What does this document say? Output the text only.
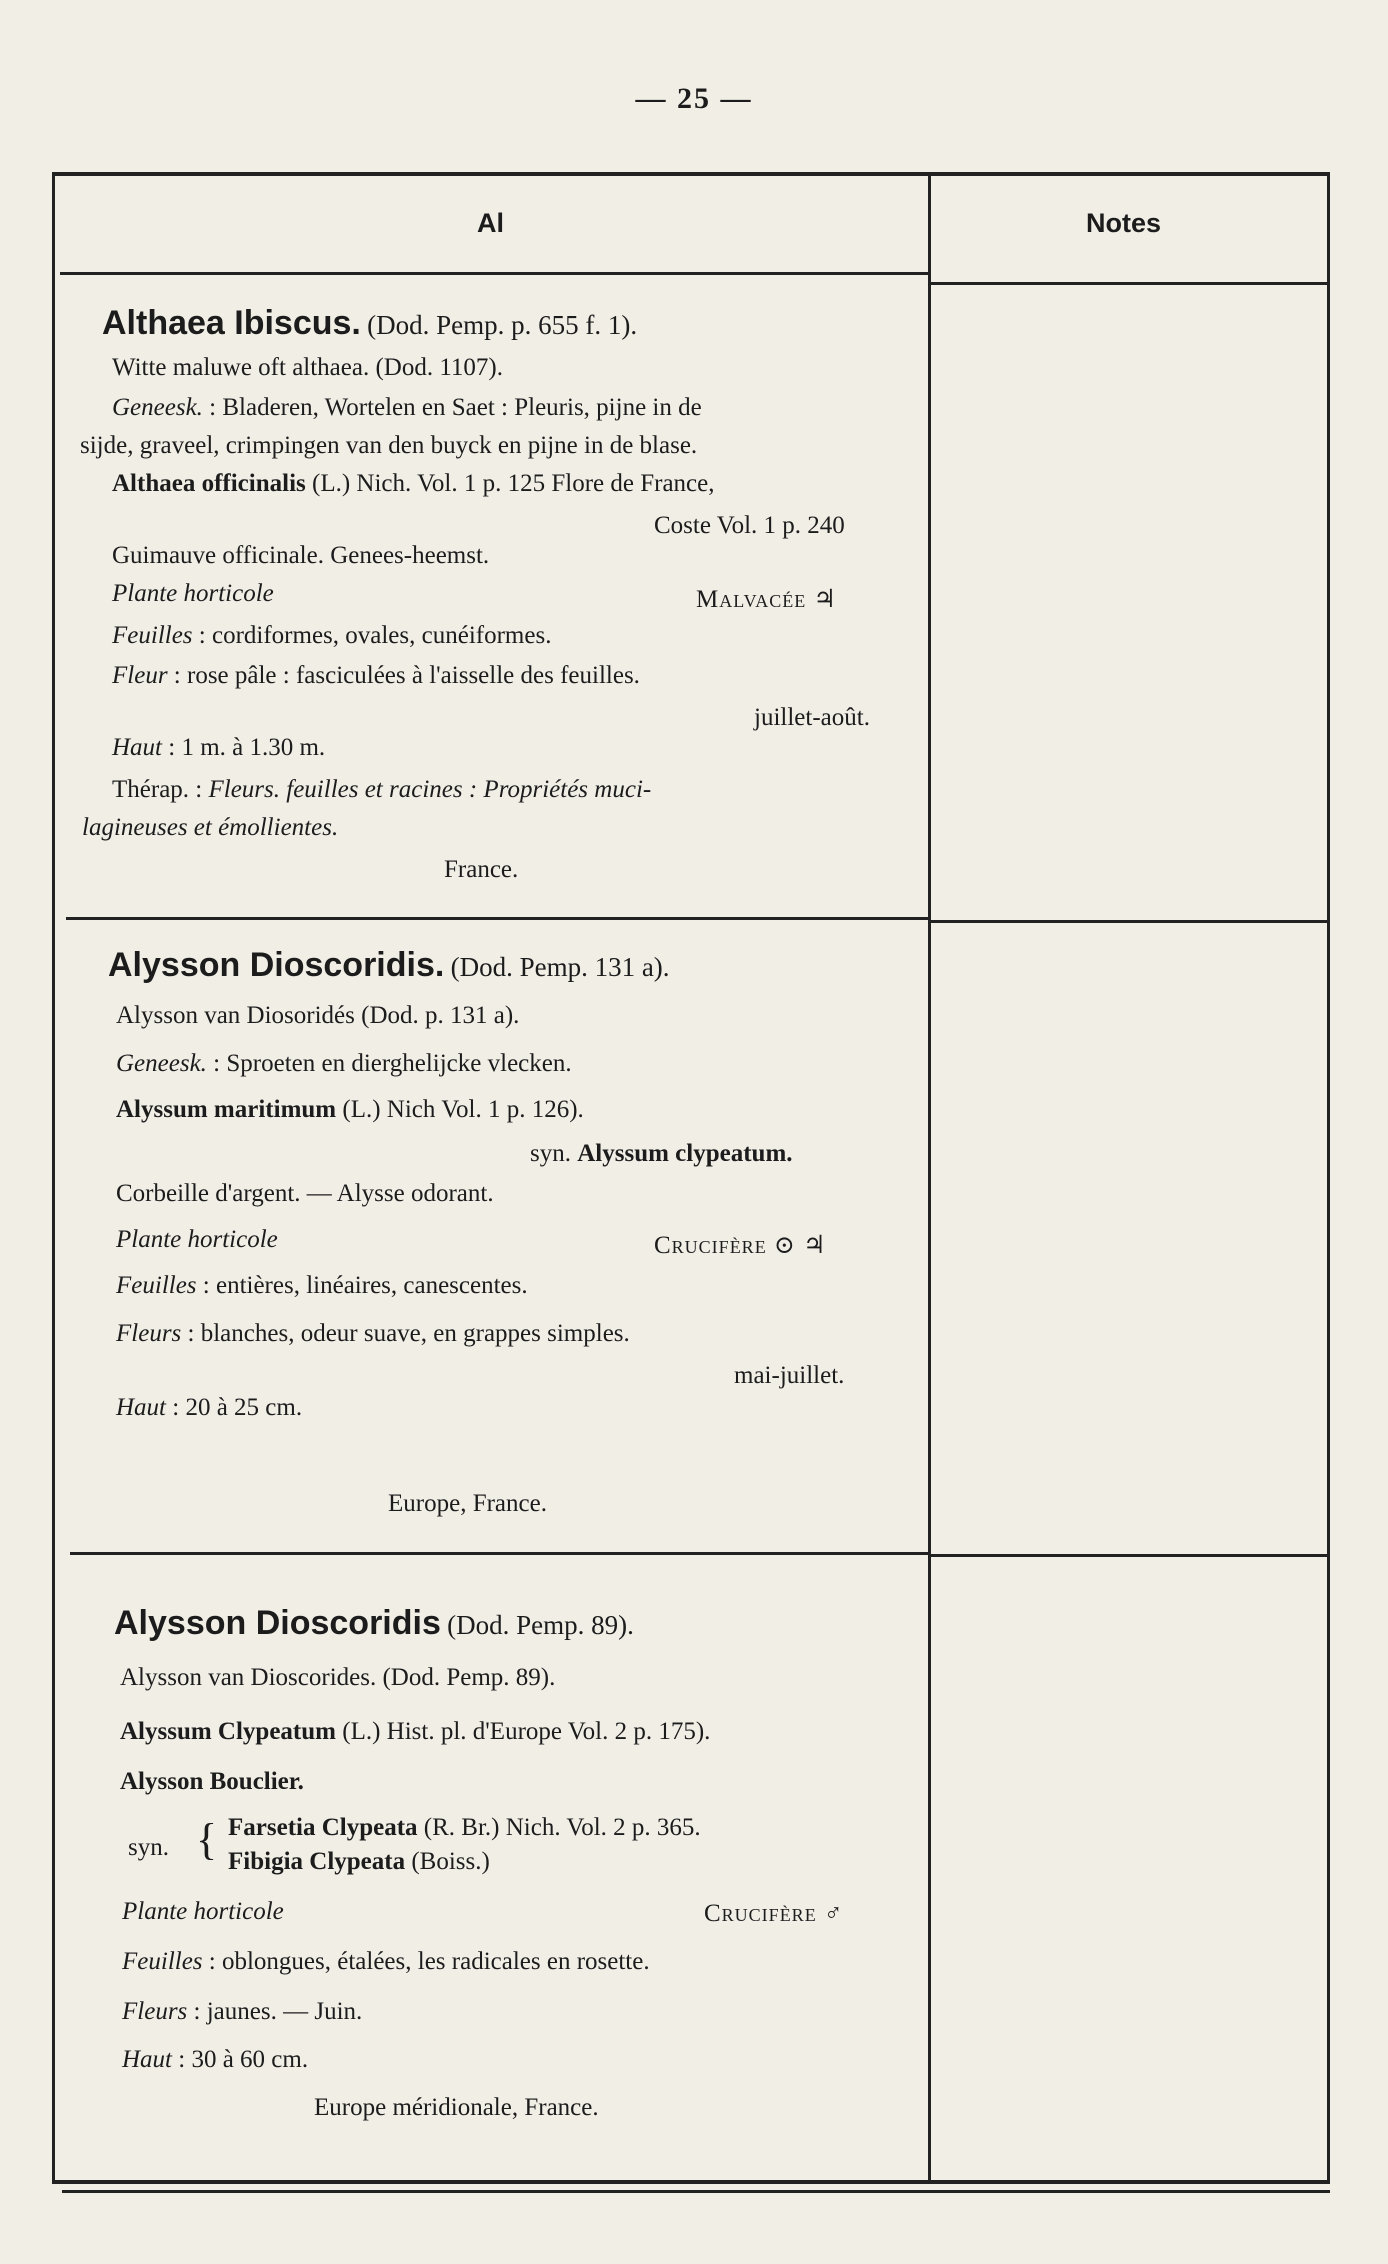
— 25 —
Al	Notes
Althaea Ibiscus. (Dod. Pemp. p. 655 f. 1).
Witte maluwe oft althaea. (Dod. 1107).
Geneesk. : Bladeren, Wortelen en Saet : Pleuris, pijne in de
sijde, graveel, crimpingen van den buyck en pijne in de blase.
Althaea officinalis (L.) Nich. Vol. 1 p. 125 Flore de France,
Coste Vol. 1 p. 240
Guimauve officinale. Genees-heemst.
Plante horticole	Malvacée ♃
Feuilles : cordiformes, ovales, cunéiformes.
Fleur : rose pâle : fasciculées à l'aisselle des feuilles.
juillet-août.
Haut : 1 m. à 1.30 m.
Thérap. : Fleurs. feuilles et racines : Propriétés muci-
lagineuses et émollientes.
France.
Alysson Dioscoridis. (Dod. Pemp. 131 a).
Alysson van Diosoridés (Dod. p. 131 a).
Geneesk. : Sproeten en dierghelijcke vlecken.
Alyssum maritimum (L.) Nich Vol. 1 p. 126).
syn. Alyssum clypeatum.
Corbeille d'argent. — Alysse odorant.
Plante horticole	Crucifère ⊙ ♃
Feuilles : entières, linéaires, canescentes.
Fleurs : blanches, odeur suave, en grappes simples.
mai-juillet.
Haut : 20 à 25 cm.
Europe, France.
Alysson Dioscoridis (Dod. Pemp. 89).
Alysson van Dioscorides. (Dod. Pemp. 89).
Alyssum Clypeatum (L.) Hist. pl. d'Europe Vol. 2 p. 175).
Alysson Bouclier.
syn. { Farsetia Clypeata (R. Br.) Nich. Vol. 2 p. 365.
Fibigia Clypeata (Boiss.)
Plante horticole	Crucifère ♂
Feuilles : oblongues, étalées, les radicales en rosette.
Fleurs : jaunes. — Juin.
Haut : 30 à 60 cm.
Europe méridionale, France.
